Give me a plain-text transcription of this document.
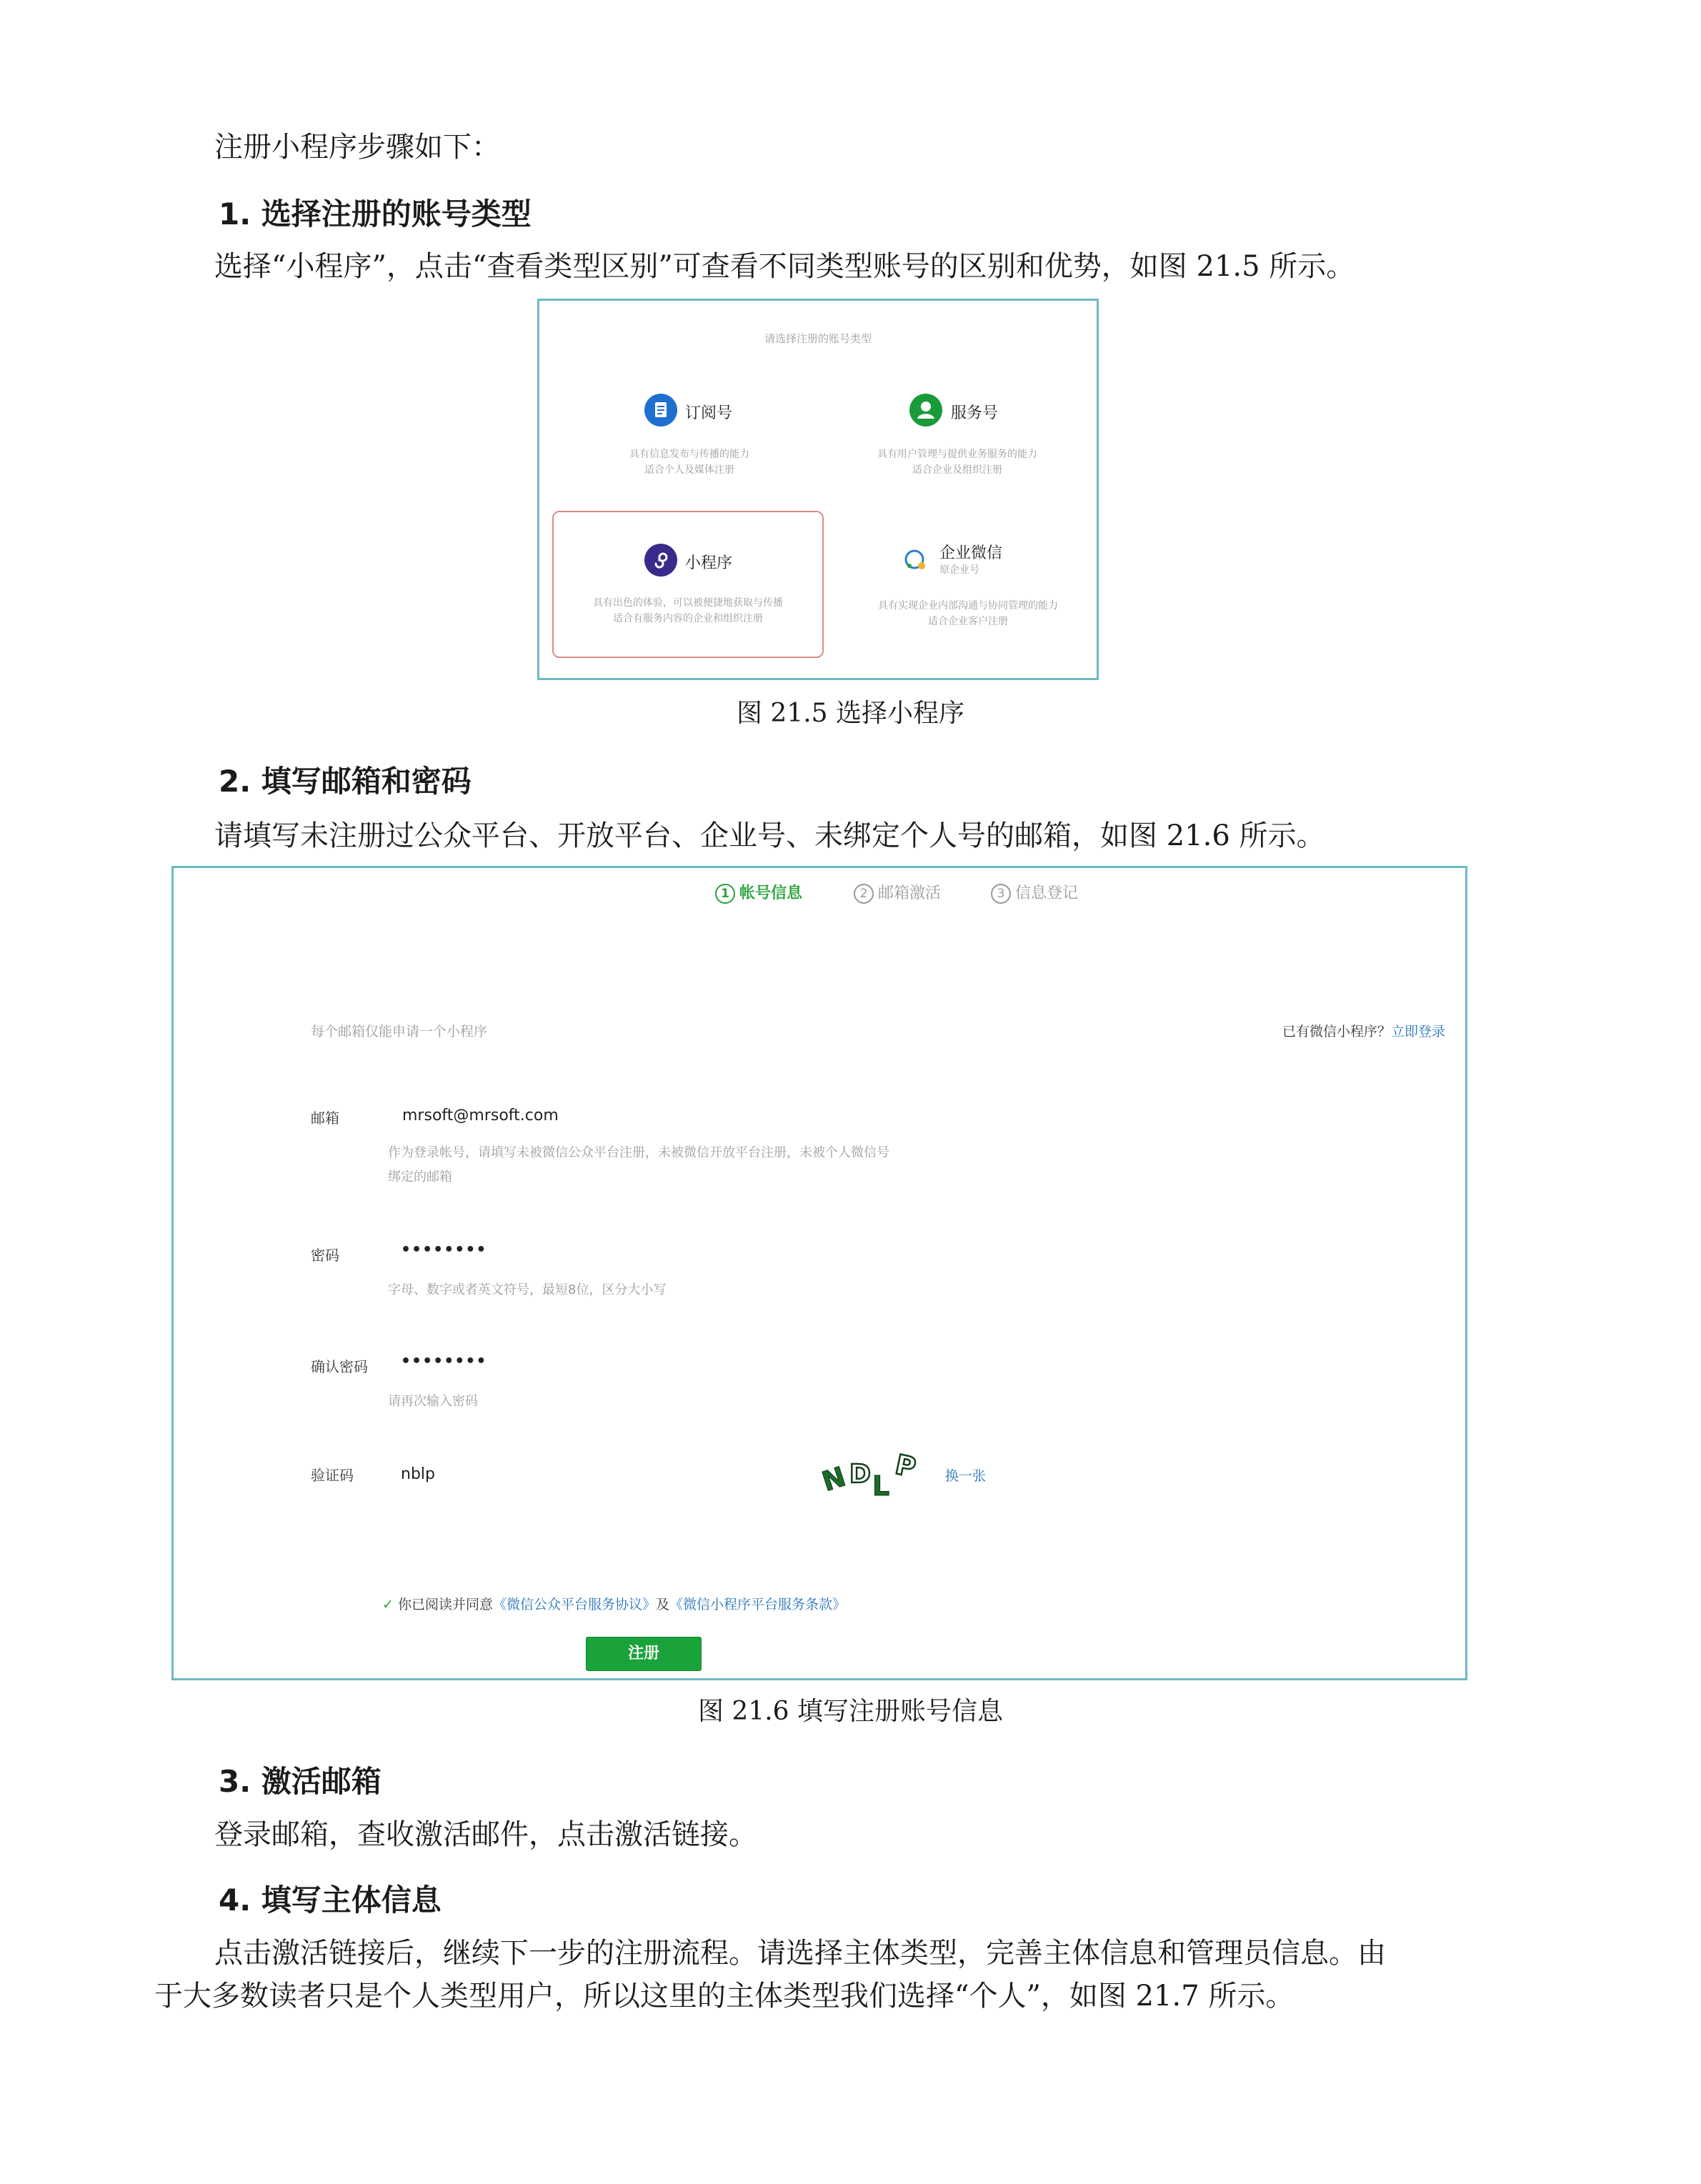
注册小程序步骤如下：
1. 选择注册的账号类型
选择“小程序”，点击“查看类型区别”可查看不同类型账号的区别和优势，如图 21.5 所示。
请选择注册的账号类型
订阅号
具有信息发布与传播的能力
适合个人及媒体注册
服务号
具有用户管理与提供业务服务的能力
适合企业及组织注册
小程序
具有出色的体验，可以被便捷地获取与传播
适合有服务内容的企业和组织注册
企业微信
原企业号
具有实现企业内部沟通与协同管理的能力
适合企业客户注册
图 21.5 选择小程序
2. 填写邮箱和密码
请填写未注册过公众平台、开放平台、企业号、未绑定个人号的邮箱，如图 21.6 所示。
1 帐号信息	2 邮箱激活	3 信息登记
每个邮箱仅能申请一个小程序	已有微信小程序？立即登录
邮箱	mrsoft@mrsoft.com
作为登录帐号，请填写未被微信公众平台注册，未被微信开放平台注册，未被个人微信号
绑定的邮箱
密码	••••••••
字母、数字或者英文符号，最短8位，区分大小写
确认密码 ••••••••
请再次输入密码
验证码	nblp	N D L
P 换一张
✓ 你已阅读并同意《微信公众平台服务协议》及《微信小程序平台服务条款》
注册
图 21.6 填写注册账号信息
3. 激活邮箱
登录邮箱，查收激活邮件，点击激活链接。
4. 填写主体信息
点击激活链接后，继续下一步的注册流程。请选择主体类型，完善主体信息和管理员信息。由
于大多数读者只是个人类型用户，所以这里的主体类型我们选择“个人”，如图 21.7 所示。
